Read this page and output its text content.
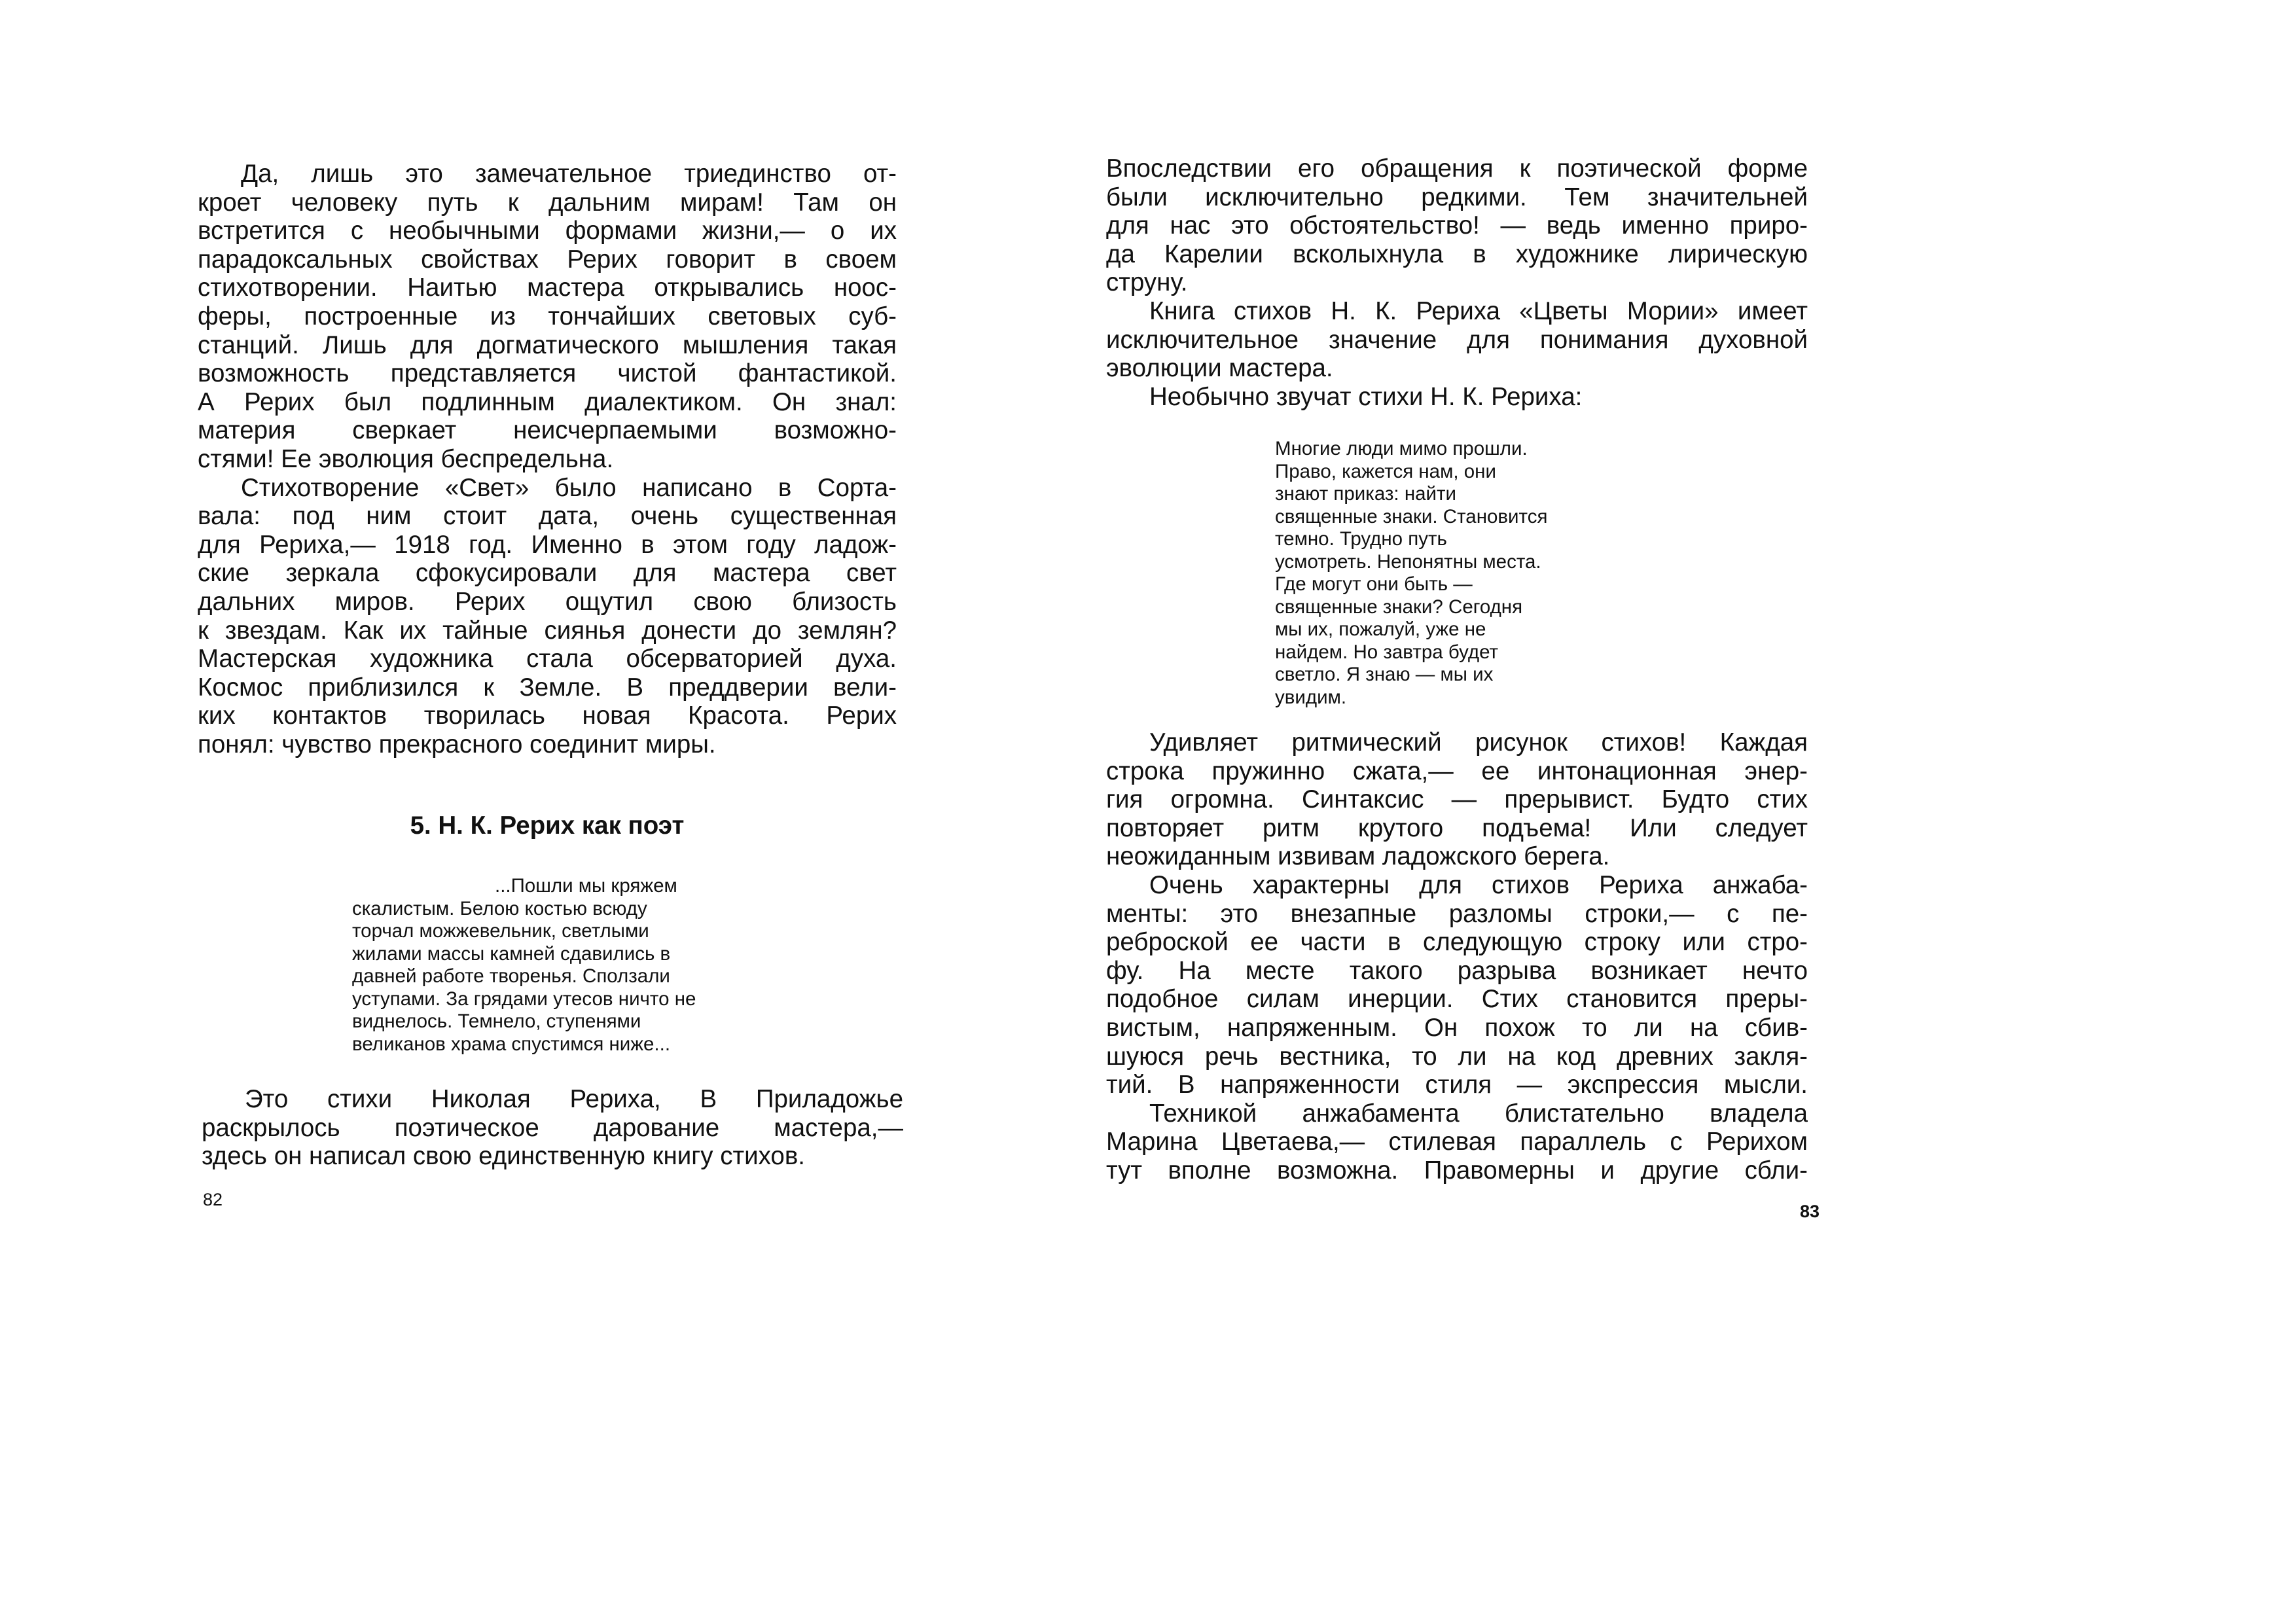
Да, лишь это замечательное триединство от-
кроет человеку путь к дальним мирам! Там он
встретится с необычными формами жизни,— о их
парадоксальных свойствах Рерих говорит в своем
стихотворении. Наитью мастера открывались ноос-
феры, построенные из тончайших световых суб-
станций. Лишь для догматического мышления такая
возможность представляется чистой фантастикой.
А Рерих был подлинным диалектиком. Он знал:
материя сверкает неисчерпаемыми возможно-
стями! Ее эволюция беспредельна.
Стихотворение «Свет» было написано в Сорта-
вала: под ним стоит дата, очень существенная
для Рериха,— 1918 год. Именно в этом году ладож-
ские зеркала сфокусировали для мастера свет
дальних миров. Рерих ощутил свою близость
к звездам. Как их тайные сиянья донести до землян?
Мастерская художника стала обсерваторией духа.
Космос приблизился к Земле. В преддверии вели-
ких контактов творилась новая Красота. Рерих
понял: чувство прекрасного соединит миры.
5. Н. К. Рерих как поэт
...Пошли мы кряжем
скалистым. Белою костью всюду
торчал можжевельник, светлыми
жилами массы камней сдавились в
давней работе творенья. Сползали
уступами. За грядами утесов ничто не
виднелось. Темнело, ступенями
великанов храма спустимся ниже...
Это стихи Николая Рериха, В Приладожье
раскрылось поэтическое дарование мастера,—
здесь он написал свою единственную книгу стихов.
82
Впоследствии его обращения к поэтической форме
были исключительно редкими. Тем значительней
для нас это обстоятельство! — ведь именно приро-
да Карелии всколыхнула в художнике лирическую
струну.
Книга стихов Н. К. Рериха «Цветы Мории» имеет
исключительное значение для понимания духовной
эволюции мастера.
Необычно звучат стихи Н. К. Рериха:
Многие люди мимо прошли.
Право, кажется нам, они
знают приказ: найти
священные знаки. Становится
темно. Трудно путь
усмотреть. Непонятны места.
Где могут они быть —
священные знаки? Сегодня
мы их, пожалуй, уже не
найдем. Но завтра будет
светло. Я знаю — мы их
увидим.
Удивляет ритмический рисунок стихов! Каждая
строка пружинно сжата,— ее интонационная энер-
гия огромна. Синтаксис — прерывист. Будто стих
повторяет ритм крутого подъема! Или следует
неожиданным извивам ладожского берега.
Очень характерны для стихов Рериха анжаба-
менты: это внезапные разломы строки,— с пе-
реброской ее части в следующую строку или стро-
фу. На месте такого разрыва возникает нечто
подобное силам инерции. Стих становится преры-
вистым, напряженным. Он похож то ли на сбив-
шуюся речь вестника, то ли на код древних закля-
тий. В напряженности стиля — экспрессия мысли.
Техникой анжабамента блистательно владела
Марина Цветаева,— стилевая параллель с Рерихом
тут вполне возможна. Правомерны и другие сбли-
83
